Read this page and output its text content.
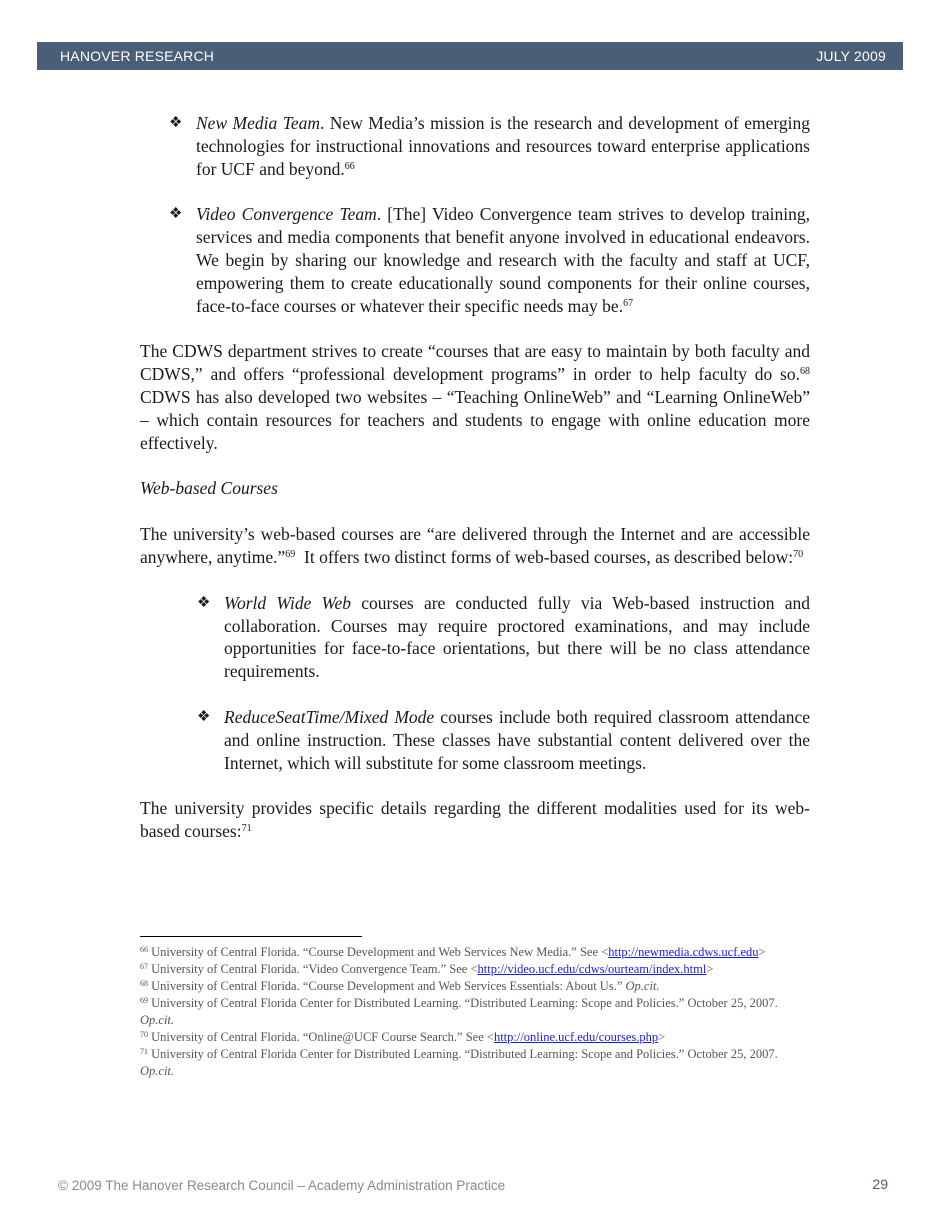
HANOVER RESEARCH	JULY 2009
❖ New Media Team. New Media’s mission is the research and development of emerging technologies for instructional innovations and resources toward enterprise applications for UCF and beyond.$^{66}$
❖ Video Convergence Team. [The] Video Convergence team strives to develop training, services and media components that benefit anyone involved in educational endeavors. We begin by sharing our knowledge and research with the faculty and staff at UCF, empowering them to create educationally sound components for their online courses, face-to-face courses or whatever their specific needs may be.$^{67}$

The CDWS department strives to create “courses that are easy to maintain by both faculty and CDWS,” and offers “professional development programs” in order to help faculty do so.$^{68}$  CDWS has also developed two websites – “Teaching OnlineWeb” and “Learning OnlineWeb” – which contain resources for teachers and students to engage with online education more effectively.

Web-based Courses

The university’s web-based courses are “are delivered through the Internet and are accessible anywhere, anytime.”$^{69}$  It offers two distinct forms of web-based courses, as described below:$^{70}$

❖ World Wide Web courses are conducted fully via Web-based instruction and collaboration. Courses may require proctored examinations, and may include opportunities for face-to-face orientations, but there will be no class attendance requirements.
❖ ReduceSeatTime/Mixed Mode courses include both required classroom attendance and online instruction. These classes have substantial content delivered over the Internet, which will substitute for some classroom meetings.

The university provides specific details regarding the different modalities used for its web-based courses:$^{71}$

$^{66}$ University of Central Florida. “Course Development and Web Services New Media.” See <http://newmedia.cdws.ucf.edu>

$^{67}$ University of Central Florida. “Video Convergence Team.” See <http://video.ucf.edu/cdws/ourteam/index.html>

$^{68}$ University of Central Florida. “Course Development and Web Services Essentials: About Us.” Op.cit.

$^{69}$ University of Central Florida Center for Distributed Learning. “Distributed Learning: Scope and Policies.” October 25, 2007. Op.cit.

$^{70}$ University of Central Florida. “Online@UCF Course Search.” See <http://online.ucf.edu/courses.php>

$^{71}$ University of Central Florida Center for Distributed Learning. “Distributed Learning: Scope and Policies.” October 25, 2007. Op.cit.

© 2009 The Hanover Research Council – Academy Administration Practice	29
